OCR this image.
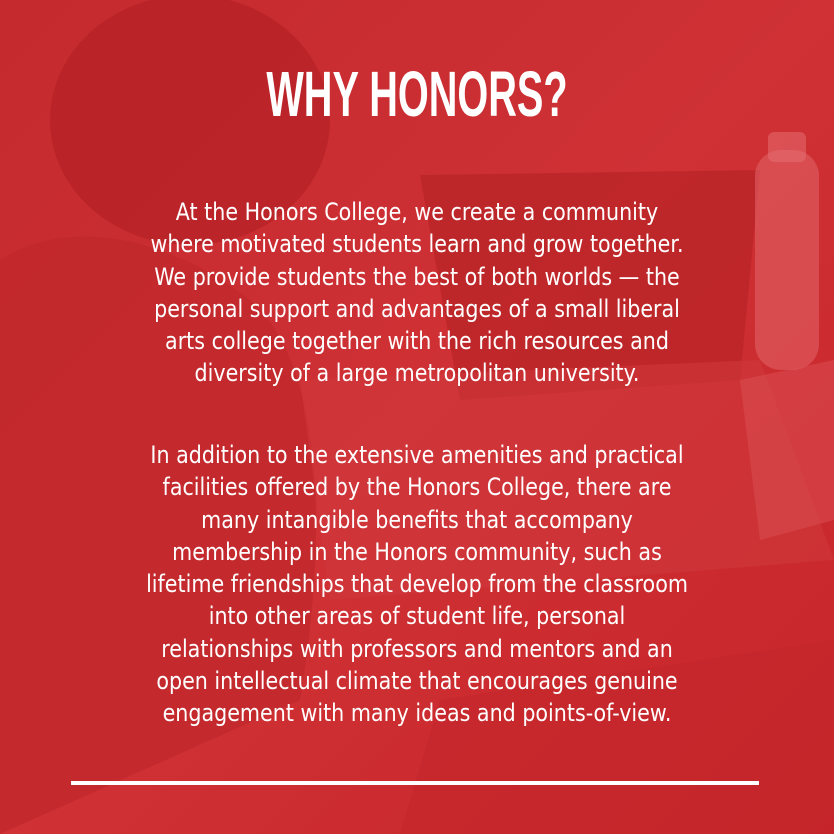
WHY HONORS?
At the Honors College, we create a community
where motivated students learn and grow together.
We provide students the best of both worlds — the
personal support and advantages of a small liberal
arts college together with the rich resources and
diversity of a large metropolitan university.
In addition to the extensive amenities and practical
facilities offered by the Honors College, there are
many intangible benefits that accompany
membership in the Honors community, such as
lifetime friendships that develop from the classroom
into other areas of student life, personal
relationships with professors and mentors and an
open intellectual climate that encourages genuine
engagement with many ideas and points-of-view.
